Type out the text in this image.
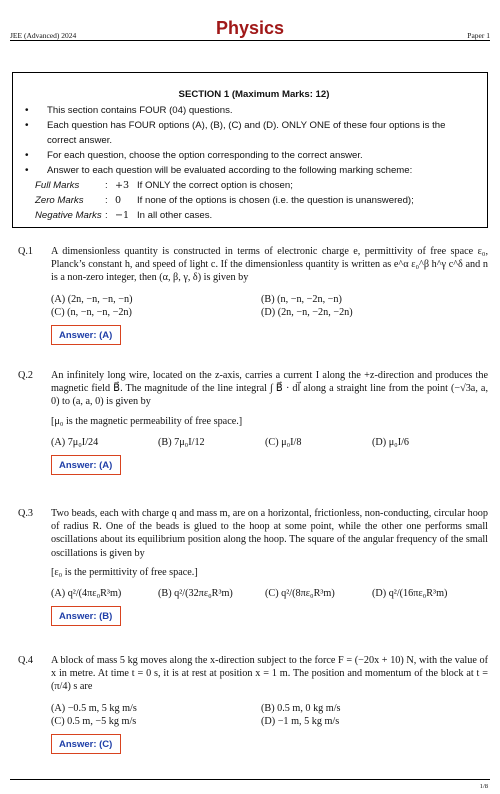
JEE (Advanced) 2024	Physics	Paper 1
SECTION 1 (Maximum Marks: 12)
• This section contains FOUR (04) questions.
• Each question has FOUR options (A), (B), (C) and (D). ONLY ONE of these four options is the correct answer.
• For each question, choose the option corresponding to the correct answer.
• Answer to each question will be evaluated according to the following marking scheme:
Full Marks	: +3 If ONLY the correct option is chosen;
Zero Marks	: 0	If none of the options is chosen (i.e. the question is unanswered);
Negative Marks : −1 In all other cases.
Q.1 A dimensionless quantity is constructed in terms of electronic charge e, permittivity of free space ε₀, Planck’s constant h, and speed of light c. If the dimensionless quantity is written as e^α ε₀^β h^γ c^δ and n is a non-zero integer, then (α, β, γ, δ) is given by
(A) (2n, −n, −n, −n)	(B) (n, −n, −2n, −n)
(C) (n, −n, −n, −2n)	(D) (2n, −n, −2n, −2n)
Answer: (A)
Q.2 An infinitely long wire, located on the z-axis, carries a current I along the +z-direction and produces the magnetic field B⃗. The magnitude of the line integral ∫ B⃗ · dl⃗ along a straight line from the point (−√3a, a, 0) to (a, a, 0) is given by
[μ₀ is the magnetic permeability of free space.]
(A) 7μ₀I/24	(B) 7μ₀I/12	(C) μ₀I/8	(D) μ₀I/6
Answer: (A)
Q.3 Two beads, each with charge q and mass m, are on a horizontal, frictionless, non-conducting, circular hoop of radius R. One of the beads is glued to the hoop at some point, while the other one performs small oscillations about its equilibrium position along the hoop. The square of the angular frequency of the small oscillations is given by
[ε₀ is the permittivity of free space.]
(A) q²/(4πε₀R³m)	(B) q²/(32πε₀R³m)	(C) q²/(8πε₀R³m)	(D) q²/(16πε₀R³m)
Answer: (B)
Q.4 A block of mass 5 kg moves along the x-direction subject to the force F = (−20x + 10) N, with the value of x in metre. At time t = 0 s, it is at rest at position x = 1 m. The position and momentum of the block at t = (π/4) s are
(A) −0.5 m, 5 kg m/s	(B) 0.5 m, 0 kg m/s
(C) 0.5 m, −5 kg m/s	(D) −1 m, 5 kg m/s
Answer: (C)
1/8
